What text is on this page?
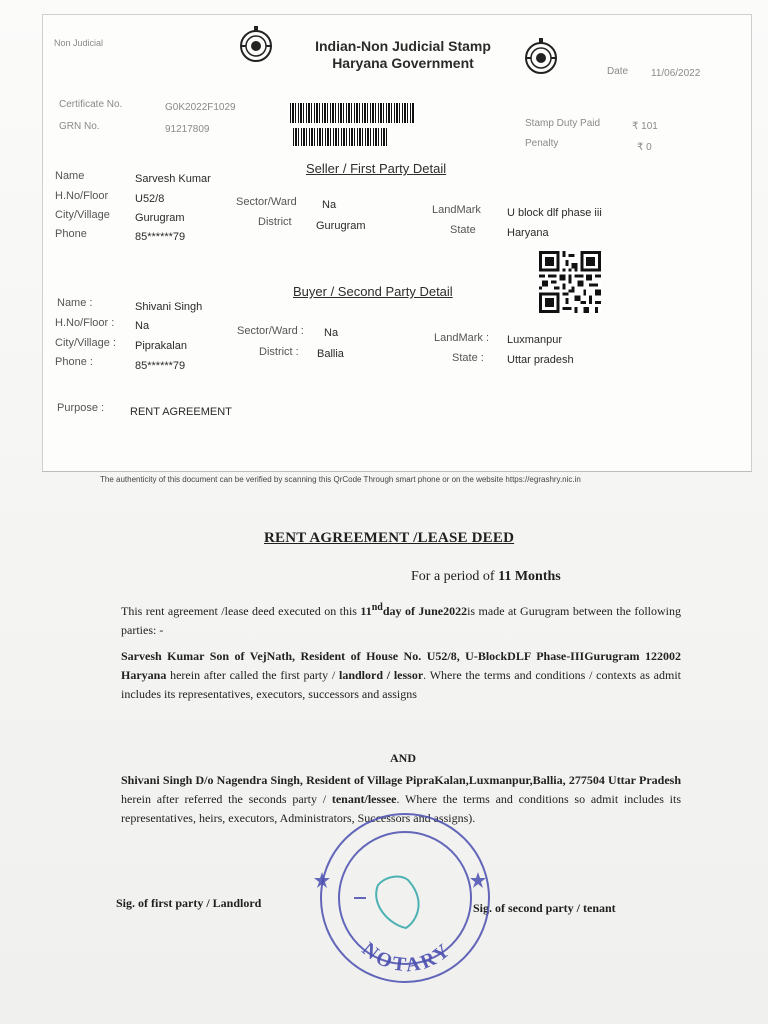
Non Judicial	Indian-Non Judicial Stamp
Haryana Government
Date 11/06/2022
Certificate No.	G0K2022F1029
GRN No.	91217809
Stamp Duty Paid	₹ 101
Penalty	₹ 0
Seller / First Party Detail
Name	Sarvesh Kumar
H.No/Floor U52/8
City/Village Gurugram
Phone	85******79
Sector/Ward Na
District Gurugram
LandMark U block dlf phase iii
State	Haryana
Buyer / Second Party Detail
Name :	Shivani Singh
H.No/Floor : Na
City/Village : Piprakalan
Phone :	85******79
Sector/Ward : Na
District : Ballia
LandMark : Luxmanpur
State : Uttar pradesh
Purpose : RENT AGREEMENT
The authenticity of this document can be verified by scanning this QrCode Through smart phone or on the website https://egrashry.nic.in
RENT AGREEMENT /LEASE DEED
For a period of 11 Months
This rent agreement /lease deed executed on this 11ndday of June2022is made at Gurugram between the following parties: -
Sarvesh Kumar Son of VejNath, Resident of House No. U52/8, U-BlockDLF Phase-IIIGurugram 122002 Haryana herein after called the first party / landlord / lessor. Where the terms and conditions / contexts as admit includes its representatives, executors, successors and assigns
AND
Shivani Singh D/o Nagendra Singh, Resident of Village PipraKalan,Luxmanpur,Ballia, 277504 Uttar Pradesh herein after referred the seconds party / tenant/lessee. Where the terms and conditions so admit includes its representatives, heirs, executors, Administrators, Successors and assigns).
Sig. of first party / Landlord	Sig. of second party / tenant
NOTARY
